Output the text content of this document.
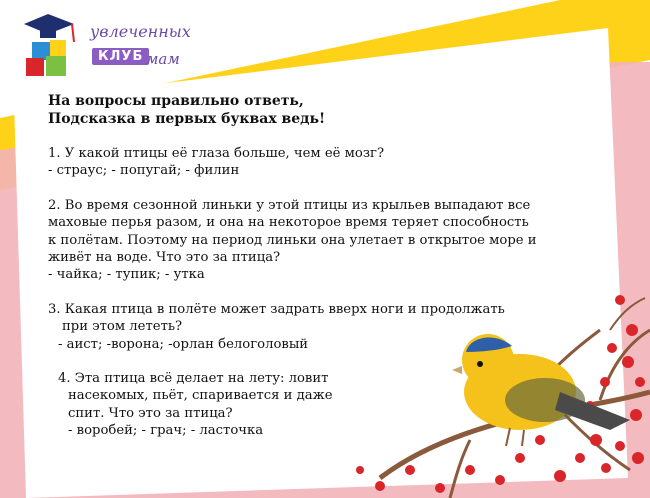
увлеченных
КЛУБ мам
На вопросы правильно ответь,
Подсказка в первых буквах ведь!
1. У какой птицы её глаза больше, чем её мозг?
- страус; - попугай; - филин
2. Во время сезонной линьки у этой птицы из крыльев выпадают все
маховые перья разом, и она на некоторое время теряет способность
к полётам. Поэтому на период линьки она улетает в открытое море и
живёт на воде. Что это за птица?
- чайка; - тупик; - утка
3. Какая птица в полёте может задрать вверх ноги и продолжать
при этом лететь?
- аист; -ворона; -орлан белоголовый
4. Эта птица всё делает на лету: ловит
насекомых, пьёт, спаривается и даже
спит. Что это за птица?
- воробей; - грач; - ласточка
